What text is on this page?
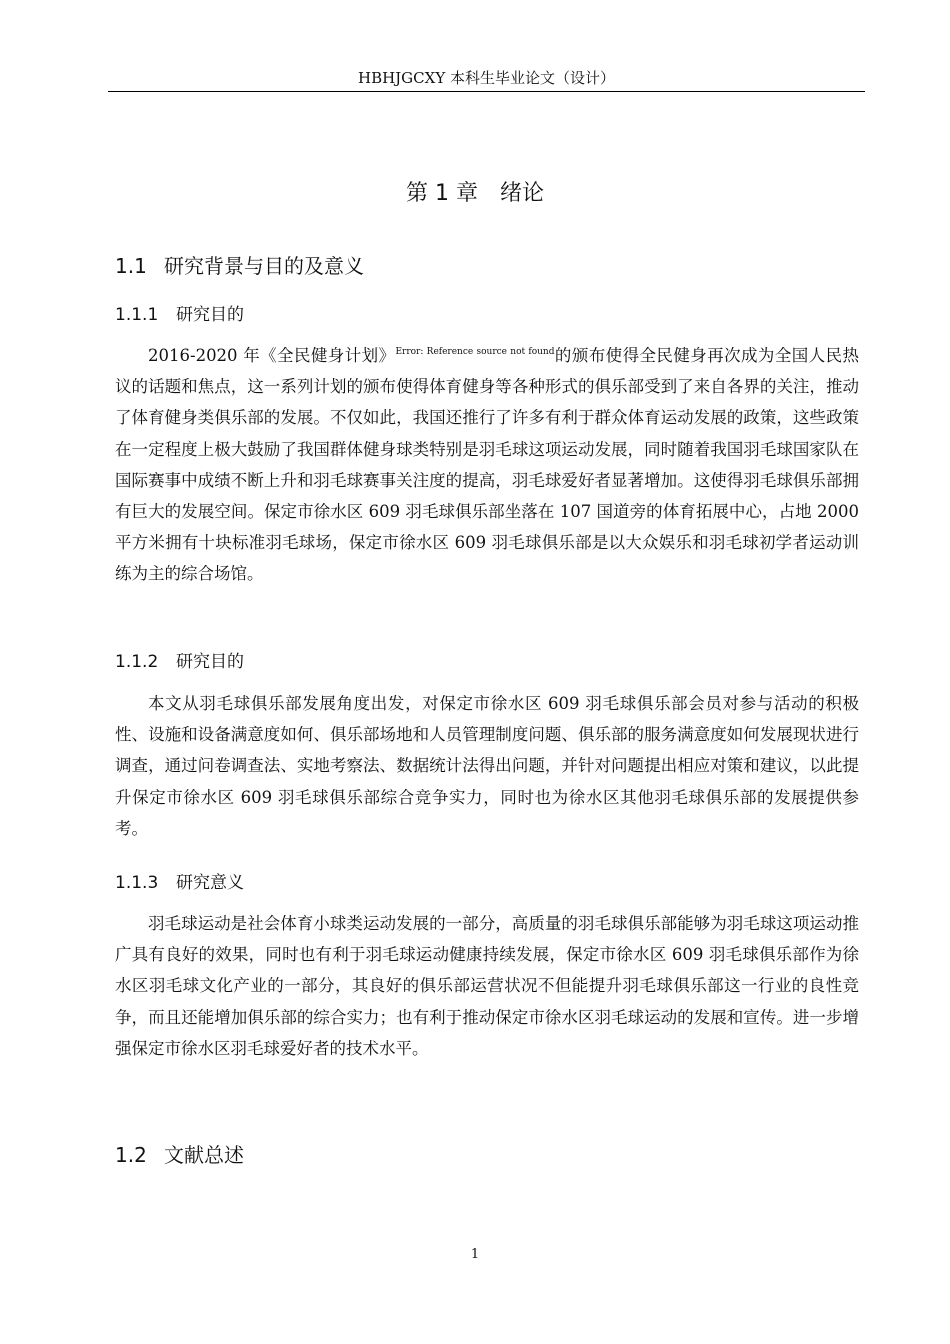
HBHJGCXY 本科生毕业论文（设计）
第 1 章 绪论
1.1 研究背景与目的及意义
1.1.1 研究目的

2016-2020 年《全民健身计划》$^{Error: Reference source not found}$的颁布使得全民健身再次成为全国人民热议的话题和焦点，这一系列计划的颁布使得体育健身等各种形式的俱乐部受到了来自各界的关注，推动了体育健身类俱乐部的发展。不仅如此，我国还推行了许多有利于群众体育运动发展的政策，这些政策在一定程度上极大鼓励了我国群体健身球类特别是羽毛球这项运动发展，同时随着我国羽毛球国家队在国际赛事中成绩不断上升和羽毛球赛事关注度的提高，羽毛球爱好者显著增加。这使得羽毛球俱乐部拥有巨大的发展空间。保定市徐水区 609 羽毛球俱乐部坐落在 107 国道旁的体育拓展中心，占地 2000 平方米拥有十块标准羽毛球场，保定市徐水区 609 羽毛球俱乐部是以大众娱乐和羽毛球初学者运动训练为主的综合场馆。

1.1.2 研究目的

本文从羽毛球俱乐部发展角度出发，对保定市徐水区 609 羽毛球俱乐部会员对参与活动的积极性、设施和设备满意度如何、俱乐部场地和人员管理制度问题、俱乐部的服务满意度如何发展现状进行调查，通过问卷调查法、实地考察法、数据统计法得出问题，并针对问题提出相应对策和建议，以此提升保定市徐水区 609 羽毛球俱乐部综合竞争实力，同时也为徐水区其他羽毛球俱乐部的发展提供参考。

1.1.3 研究意义

羽毛球运动是社会体育小球类运动发展的一部分，高质量的羽毛球俱乐部能够为羽毛球这项运动推广具有良好的效果，同时也有利于羽毛球运动健康持续发展，保定市徐水区 609 羽毛球俱乐部作为徐水区羽毛球文化产业的一部分，其良好的俱乐部运营状况不但能提升羽毛球俱乐部这一行业的良性竞争，而且还能增加俱乐部的综合实力；也有利于推动保定市徐水区羽毛球运动的发展和宣传。进一步增强保定市徐水区羽毛球爱好者的技术水平。

1.2 文献总述
1
